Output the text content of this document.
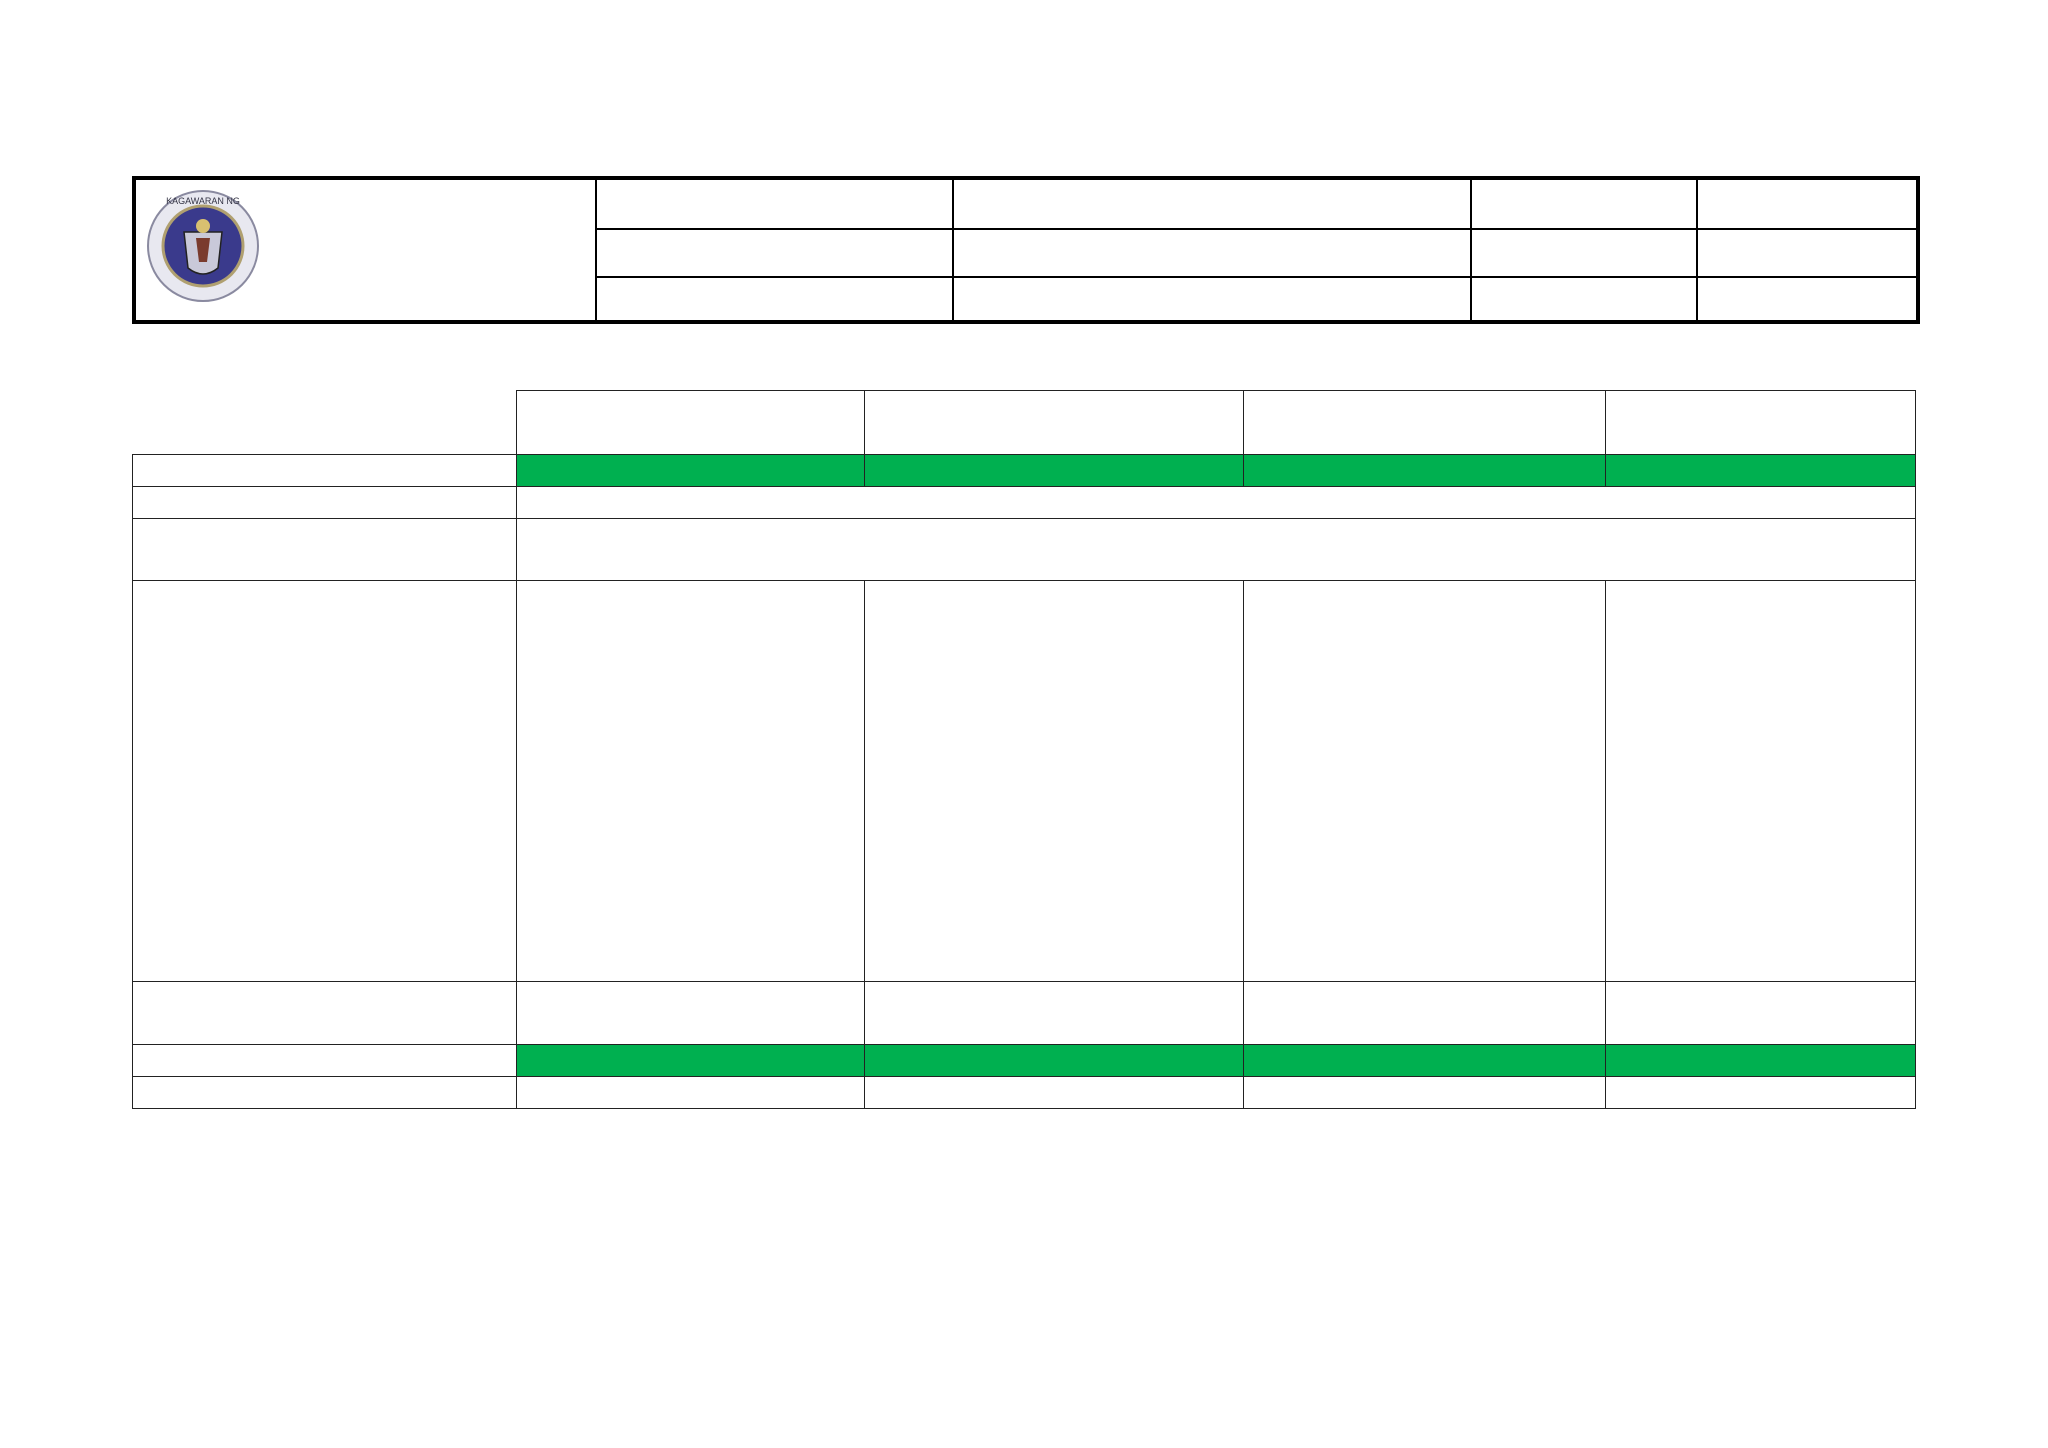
KAGAWARAN NG
